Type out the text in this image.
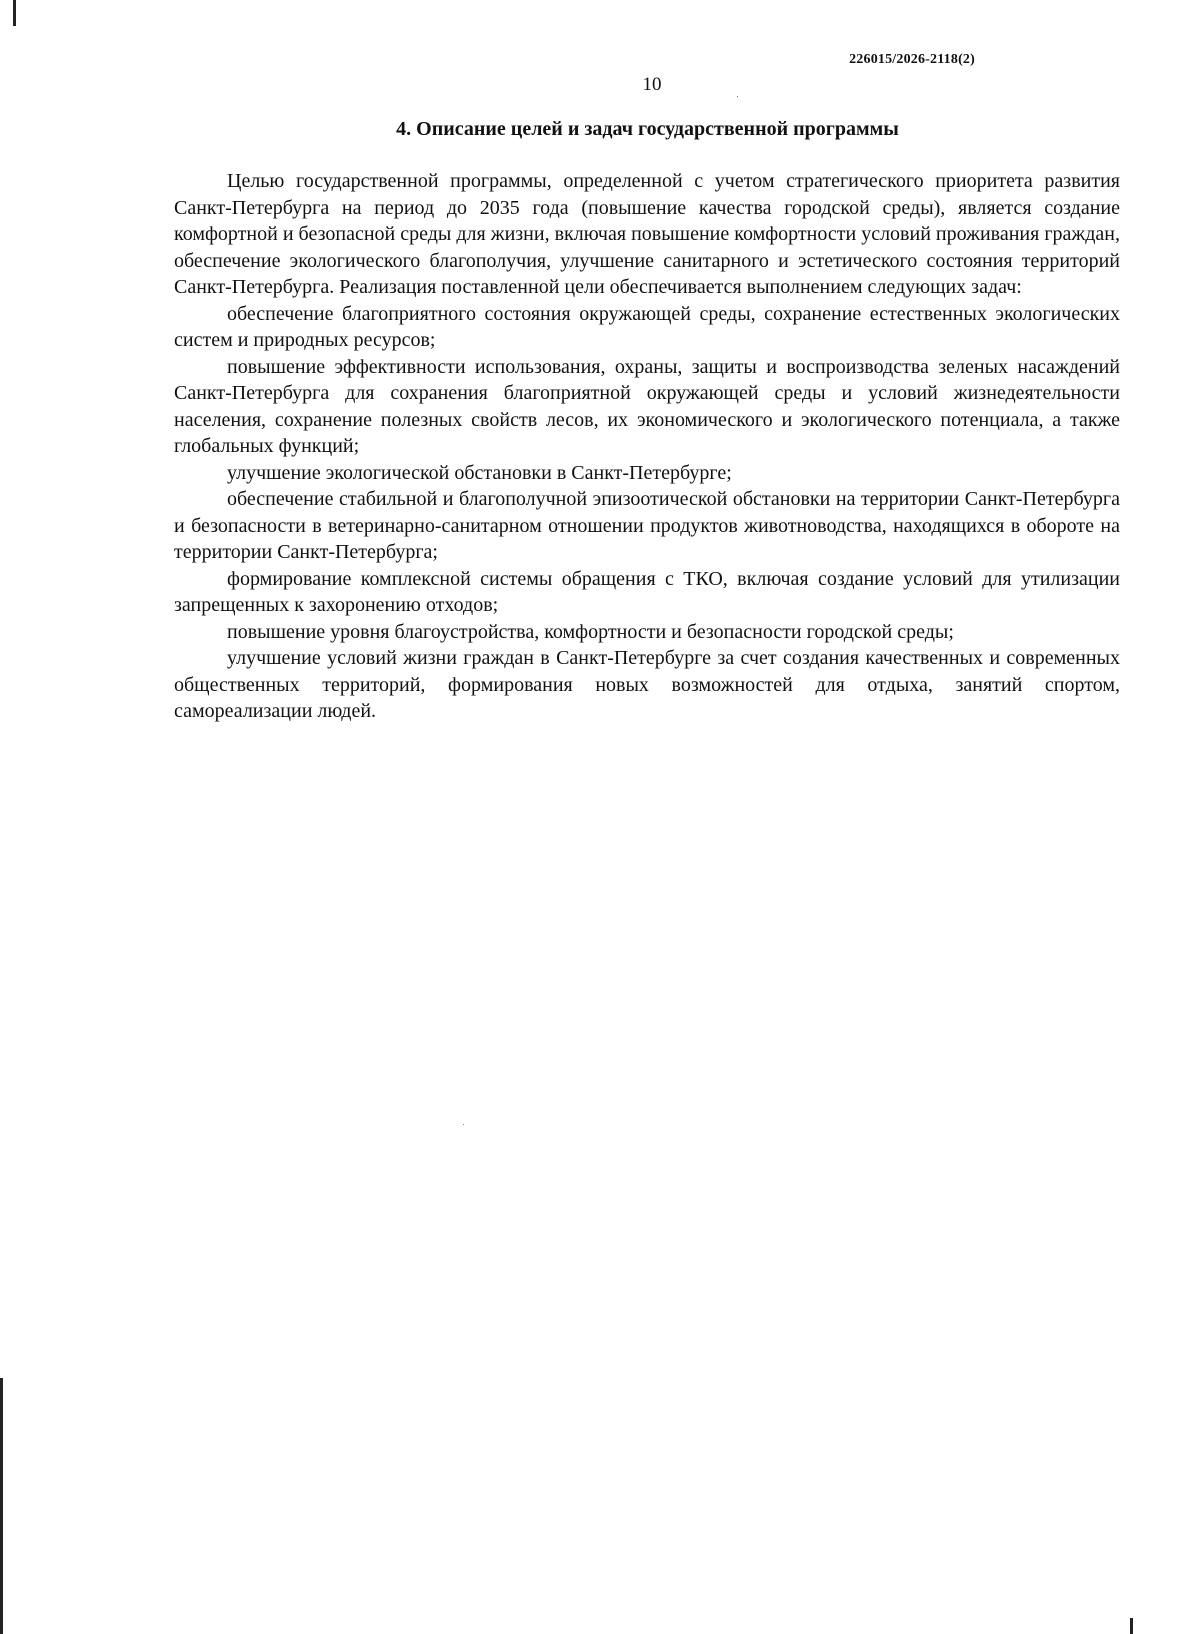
226015/2026-2118(2)
10
4. Описание целей и задач государственной программы

Целью государственной программы, определенной с учетом стратегического приоритета развития Санкт-Петербурга на период до 2035 года (повышение качества городской среды), является создание комфортной и безопасной среды для жизни, включая повышение комфортности условий проживания граждан, обеспечение экологического благополучия, улучшение санитарного и эстетического состояния территорий Санкт-Петербурга. Реализация поставленной цели обеспечивается выполнением следующих задач:

обеспечение благоприятного состояния окружающей среды, сохранение естественных экологических систем и природных ресурсов;

повышение эффективности использования, охраны, защиты и воспроизводства зеленых насаждений Санкт-Петербурга для сохранения благоприятной окружающей среды и условий жизнедеятельности населения, сохранение полезных свойств лесов, их экономического и экологического потенциала, а также глобальных функций;

улучшение экологической обстановки в Санкт-Петербурге;

обеспечение стабильной и благополучной эпизоотической обстановки на территории Санкт-Петербурга и безопасности в ветеринарно-санитарном отношении продуктов животноводства, находящихся в обороте на территории Санкт-Петербурга;

формирование комплексной системы обращения с ТКО, включая создание условий для утилизации запрещенных к захоронению отходов;

повышение уровня благоустройства, комфортности и безопасности городской среды;

улучшение условий жизни граждан в Санкт-Петербурге за счет создания качественных и современных общественных территорий, формирования новых возможностей для отдыха, занятий спортом, самореализации людей.
